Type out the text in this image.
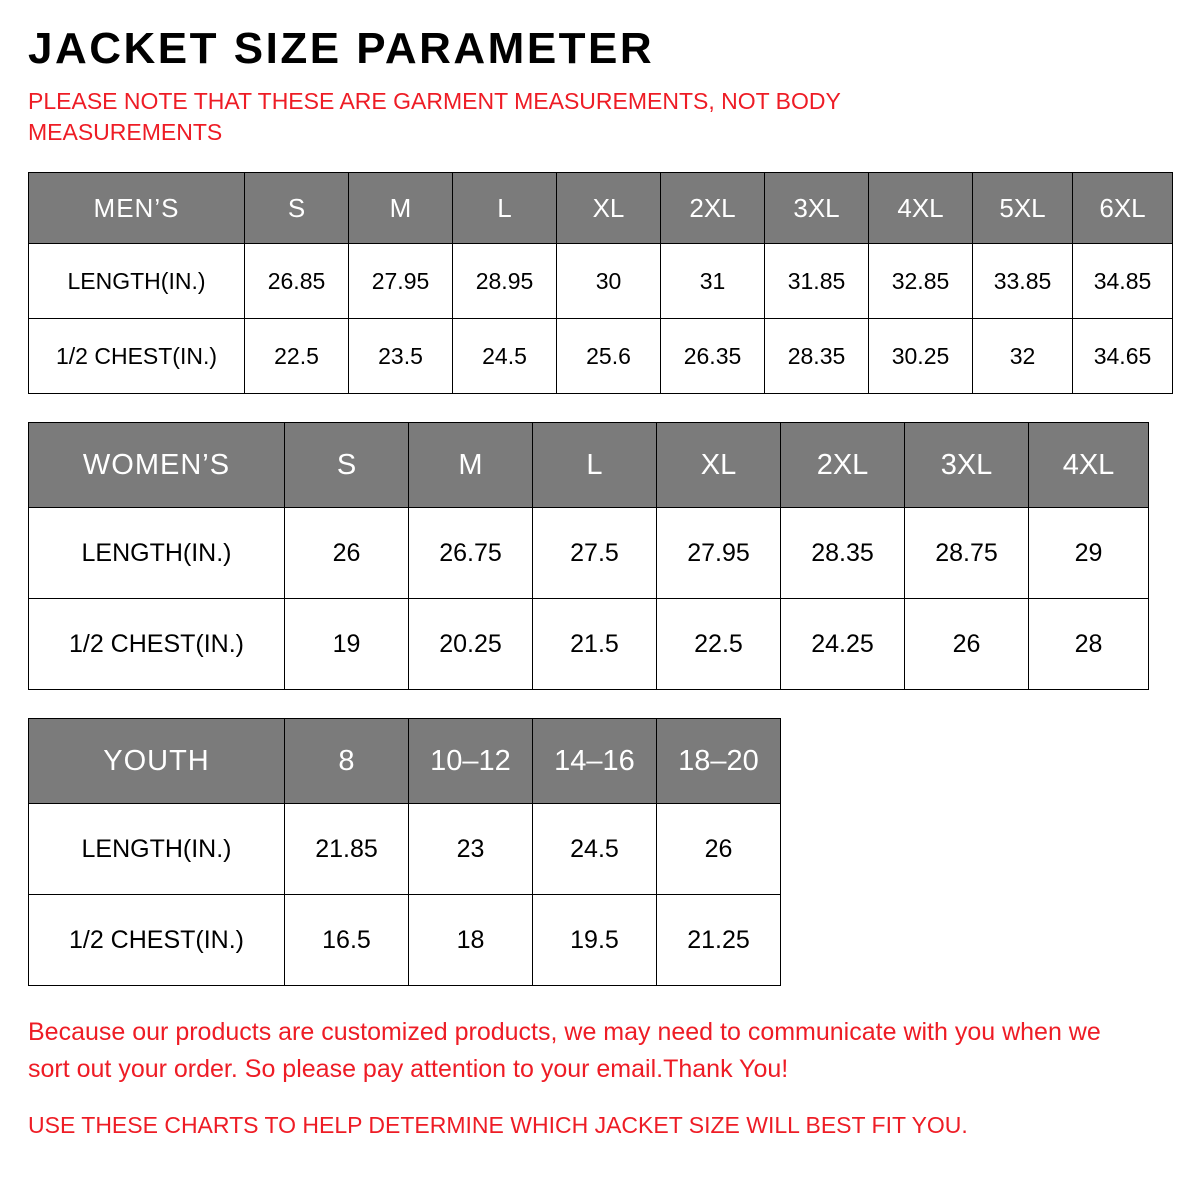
JACKET SIZE PARAMETER

PLEASE NOTE THAT THESE ARE GARMENT MEASUREMENTS, NOT BODY MEASUREMENTS

MEN’S	S	M	L	XL	2XL	3XL	4XL	5XL	6XL
LENGTH(IN.)	26.85	27.95	28.95	30	31	31.85	32.85	33.85	34.85
1/2 CHEST(IN.)	22.5	23.5	24.5	25.6	26.35	28.35	30.25	32	34.65
WOMEN’S	S	M	L	XL	2XL	3XL	4XL
LENGTH(IN.)	26	26.75	27.5	27.95	28.35	28.75	29
1/2 CHEST(IN.)	19	20.25	21.5	22.5	24.25	26	28
YOUTH	8	10–12	14–16	18–20
LENGTH(IN.)	21.85	23	24.5	26
1/2 CHEST(IN.)	16.5	18	19.5	21.25

Because our products are customized products, we may need to communicate with you when we sort out your order. So please pay attention to your email.Thank You!

USE THESE CHARTS TO HELP DETERMINE WHICH JACKET SIZE WILL BEST FIT YOU.
